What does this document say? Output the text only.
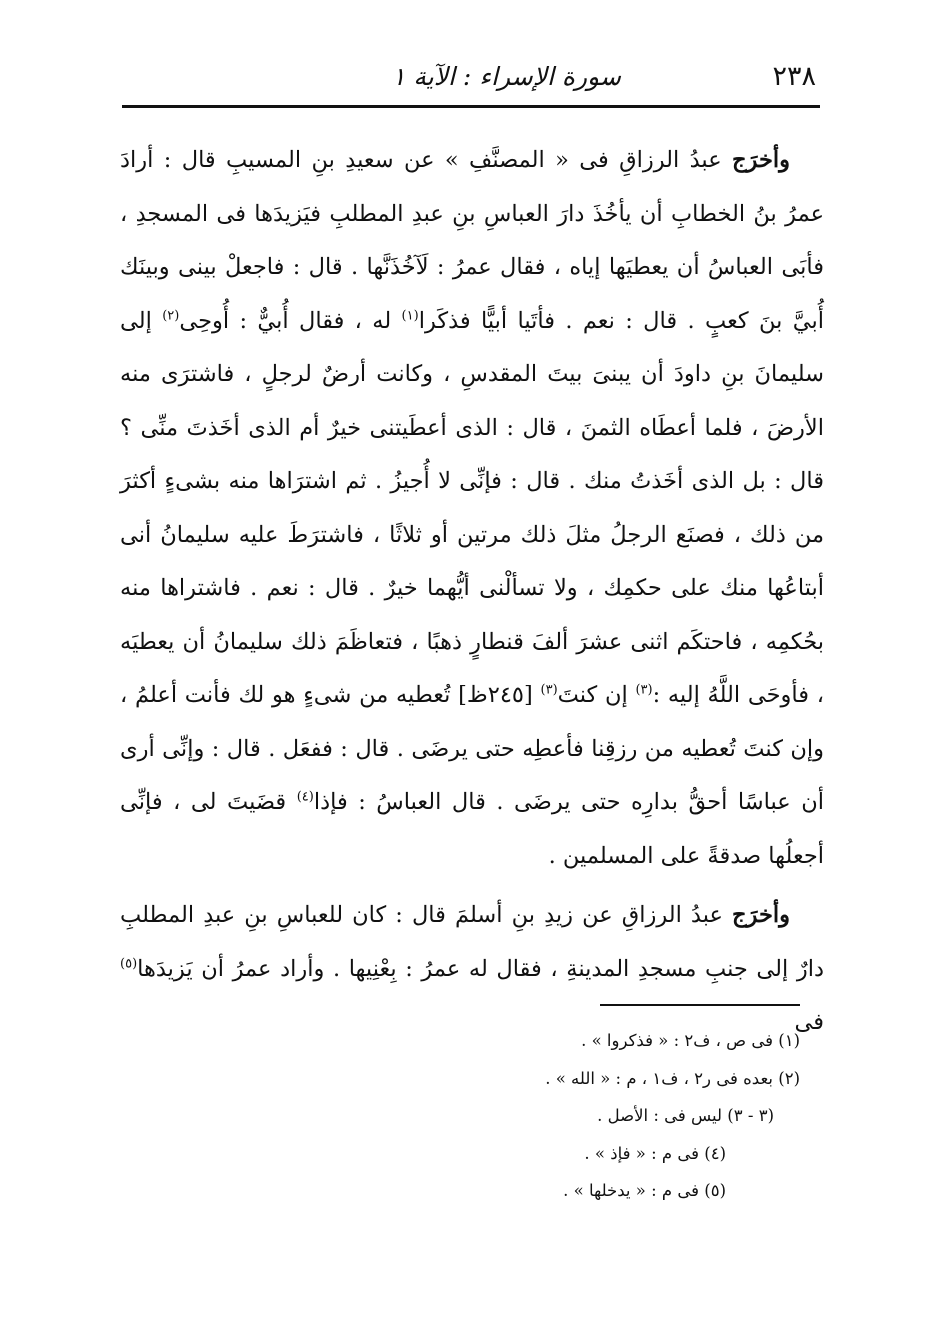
٢٣٨
سورة الإسراء : الآية ١

وأخرَج عبدُ الرزاقِ فى « المصنَّفِ » عن سعيدِ بنِ المسيبِ قال : أرادَ عمرُ بنُ الخطابِ أن يأخُذَ دارَ العباسِ بنِ عبدِ المطلبِ فيَزيدَها فى المسجدِ ، فأبَى العباسُ أن يعطيَها إياه ، فقال عمرُ : لَآخُذَنَّها . قال : فاجعلْ بينى وبينَك أُبيَّ بنَ كعبٍ . قال : نعم . فأتَيا أبيًّا فذكَرا$^{(١)}$ له ، فقال أُبيٌّ : أُوحِى$^{(٢)}$ إلى سليمانَ بنِ داودَ أن يبنىَ بيتَ المقدسِ ، وكانت أرضٌ لرجلٍ ، فاشترَى منه الأرضَ ، فلما أعطَاه الثمنَ ، قال : الذى أعطَيتنى خيرٌ أم الذى أخَذتَ منِّى ؟ قال : بل الذى أخَذتُ منك . قال : فإنِّى لا أُجيزُ . ثم اشترَاها منه بشىءٍ أكثرَ من ذلك ، فصنَع الرجلُ مثلَ ذلك مرتين أو ثلاثًا ، فاشترَطَ عليه سليمانُ أنى أبتاعُها منك على حكمِك ، ولا تسألْنى أيُّهما خيرٌ . قال : نعم . فاشتراها منه بحُكمِه ، فاحتكَم اثنى عشرَ ألفَ قنطارٍ ذهبًا ، فتعاظَمَ ذلك سليمانُ أن يعطيَه ، فأوحَى اللَّهُ إليه :$^{(٣)}$ إن كنتَ$^{(٣)}$ [٢٤٥ظ] تُعطيه من شىءٍ هو لك فأنت أعلمُ ، وإن كنتَ تُعطيه من رزقِنا فأعطِه حتى يرضَى . قال : ففعَل . قال : وإنِّى أرى أن عباسًا أحقُّ بدارِه حتى يرضَى . قال العباسُ : فإذا$^{(٤)}$ قضَيتَ لى ، فإنِّى أجعلُها صدقةً على المسلمين .

وأخرَج عبدُ الرزاقِ عن زيدِ بنِ أسلمَ قال : كان للعباسِ بنِ عبدِ المطلبِ دارٌ إلى جنبِ مسجدِ المدينةِ ، فقال له عمرُ : بِعْنِيها . وأراد عمرُ أن يَزيدَها$^{(٥)}$ فى

(١) فى ص ، ف٢ : « فذكروا » .

(٢) بعده فى ر٢ ، ف١ ، م : « الله » .

(٣ - ٣) ليس فى : الأصل .

(٤) فى م : « فإذ » .

(٥) فى م : « يدخلها » .
